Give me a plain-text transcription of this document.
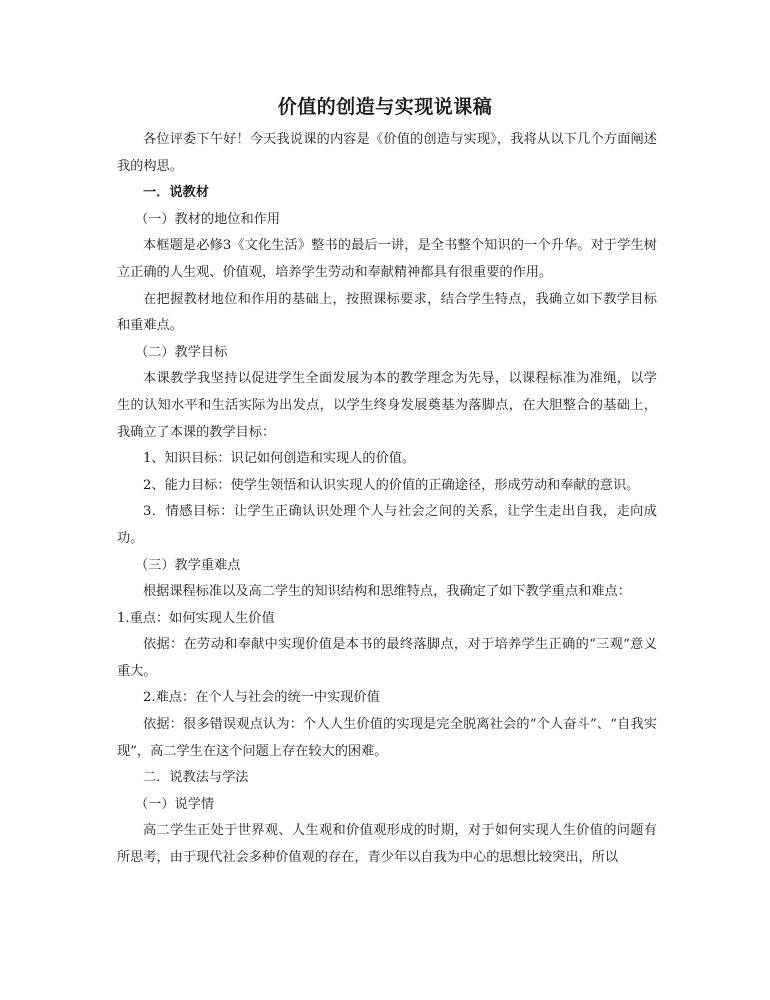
价值的创造与实现说课稿

各位评委下午好！今天我说课的内容是《价值的创造与实现》，我将从以下几个方面阐述我的构思。

一．说教材

（一）教材的地位和作用

本框题是必修3《文化生活》整书的最后一讲，是全书整个知识的一个升华。对于学生树立正确的人生观、价值观，培养学生劳动和奉献精神都具有很重要的作用。

在把握教材地位和作用的基础上，按照课标要求，结合学生特点，我确立如下教学目标和重难点。

（二）教学目标

本课教学我坚持以促进学生全面发展为本的教学理念为先导，以课程标准为准绳，以学生的认知水平和生活实际为出发点，以学生终身发展奠基为落脚点，在大胆整合的基础上，我确立了本课的教学目标：

1、知识目标：识记如何创造和实现人的价值。

2、能力目标：使学生领悟和认识实现人的价值的正确途径，形成劳动和奉献的意识。

3．情感目标：让学生正确认识处理个人与社会之间的关系，让学生走出自我，走向成功。

（三）教学重难点

根据课程标准以及高二学生的知识结构和思维特点，我确定了如下教学重点和难点：

1.重点：如何实现人生价值

依据：在劳动和奉献中实现价值是本书的最终落脚点，对于培养学生正确的“三观”意义重大。

2.难点：在个人与社会的统一中实现价值

依据：很多错误观点认为：个人人生价值的实现是完全脱离社会的“个人奋斗”、“自我实现”，高二学生在这个问题上存在较大的困难。

二．说教法与学法

（一）说学情

高二学生正处于世界观、人生观和价值观形成的时期，对于如何实现人生价值的问题有所思考，由于现代社会多种价值观的存在，青少年以自我为中心的思想比较突出，所以
